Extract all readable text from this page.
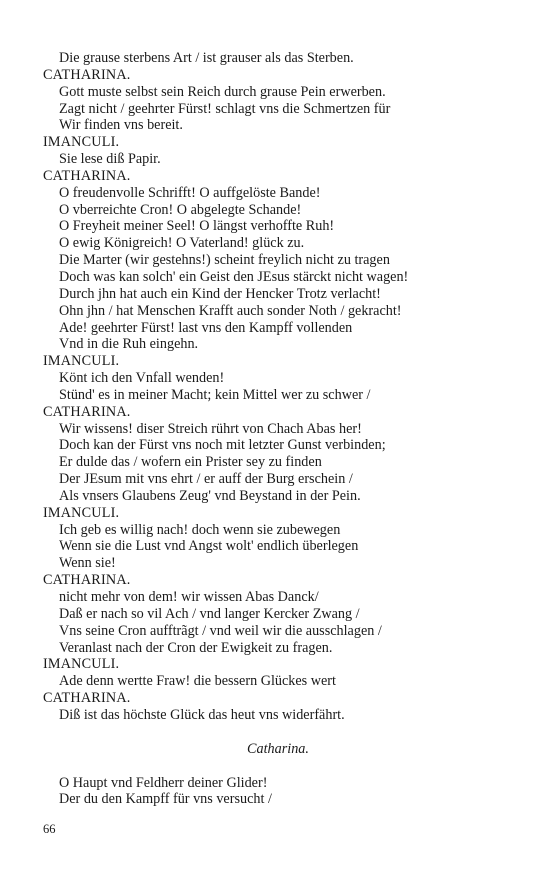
Die grause sterbens Art / ist grauser als das Sterben.
CATHARINA.
Gott muste selbst sein Reich durch grause Pein erwerben.
Zagt nicht / geehrter Fürst! schlagt vns die Schmertzen für
Wir finden vns bereit.
IMANCULI.
Sie lese diß Papir.
CATHARINA.
O freudenvolle Schrifft! O auffgelöste Bande!
O vberreichte Cron! O abgelegte Schande!
O Freyheit meiner Seel! O längst verhoffte Ruh!
O ewig Königreich! O Vaterland! glück zu.
Die Marter (wir gestehns!) scheint freylich nicht zu tragen
Doch was kan solch' ein Geist den JEsus stärckt nicht wagen!
Durch jhn hat auch ein Kind der Hencker Trotz verlacht!
Ohn jhn / hat Menschen Krafft auch sonder Noth / gekracht!
Ade! geehrter Fürst! last vns den Kampff vollenden
Vnd in die Ruh eingehn.
IMANCULI.
Könt ich den Vnfall wenden!
Stünd' es in meiner Macht; kein Mittel wer zu schwer /
CATHARINA.
Wir wissens! diser Streich rührt von Chach Abas her!
Doch kan der Fürst vns noch mit letzter Gunst verbinden;
Er dulde das / wofern ein Prister sey zu finden
Der JEsum mit vns ehrt / er auff der Burg erschein /
Als vnsers Glaubens Zeug' vnd Beystand in der Pein.
IMANCULI.
Ich geb es willig nach! doch wenn sie zubewegen
Wenn sie die Lust vnd Angst wolt' endlich überlegen
Wenn sie!
CATHARINA.
nicht mehr von dem! wir wissen Abas Danck/
Daß er nach so vil Ach / vnd langer Kercker Zwang /
Vns seine Cron aufftrãgt / vnd weil wir die ausschlagen /
Veranlast nach der Cron der Ewigkeit zu fragen.
IMANCULI.
Ade denn wertte Fraw! die bessern Glückes wert
CATHARINA.
Diß ist das höchste Glück das heut vns widerfährt.
Catharina.
O Haupt vnd Feldherr deiner Glider!
Der du den Kampff für vns versucht /
66
